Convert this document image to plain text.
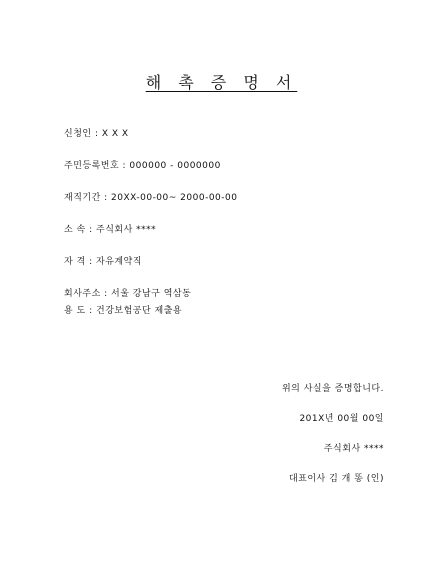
해 촉 증 명 서
신청인 : X X X
주민등록번호 : 000000 - 0000000
재직기간 : 20XX-00-00~ 2000-00-00
소 속 : 주식회사 ****
자 격 : 자유계약직
회사주소 : 서울 강남구 역삼동
용 도 : 건강보험공단 제출용
위의 사실을 증명합니다.
201X년 00월 00일
주식회사 ****
대표이사 김 개 똥 (인)
